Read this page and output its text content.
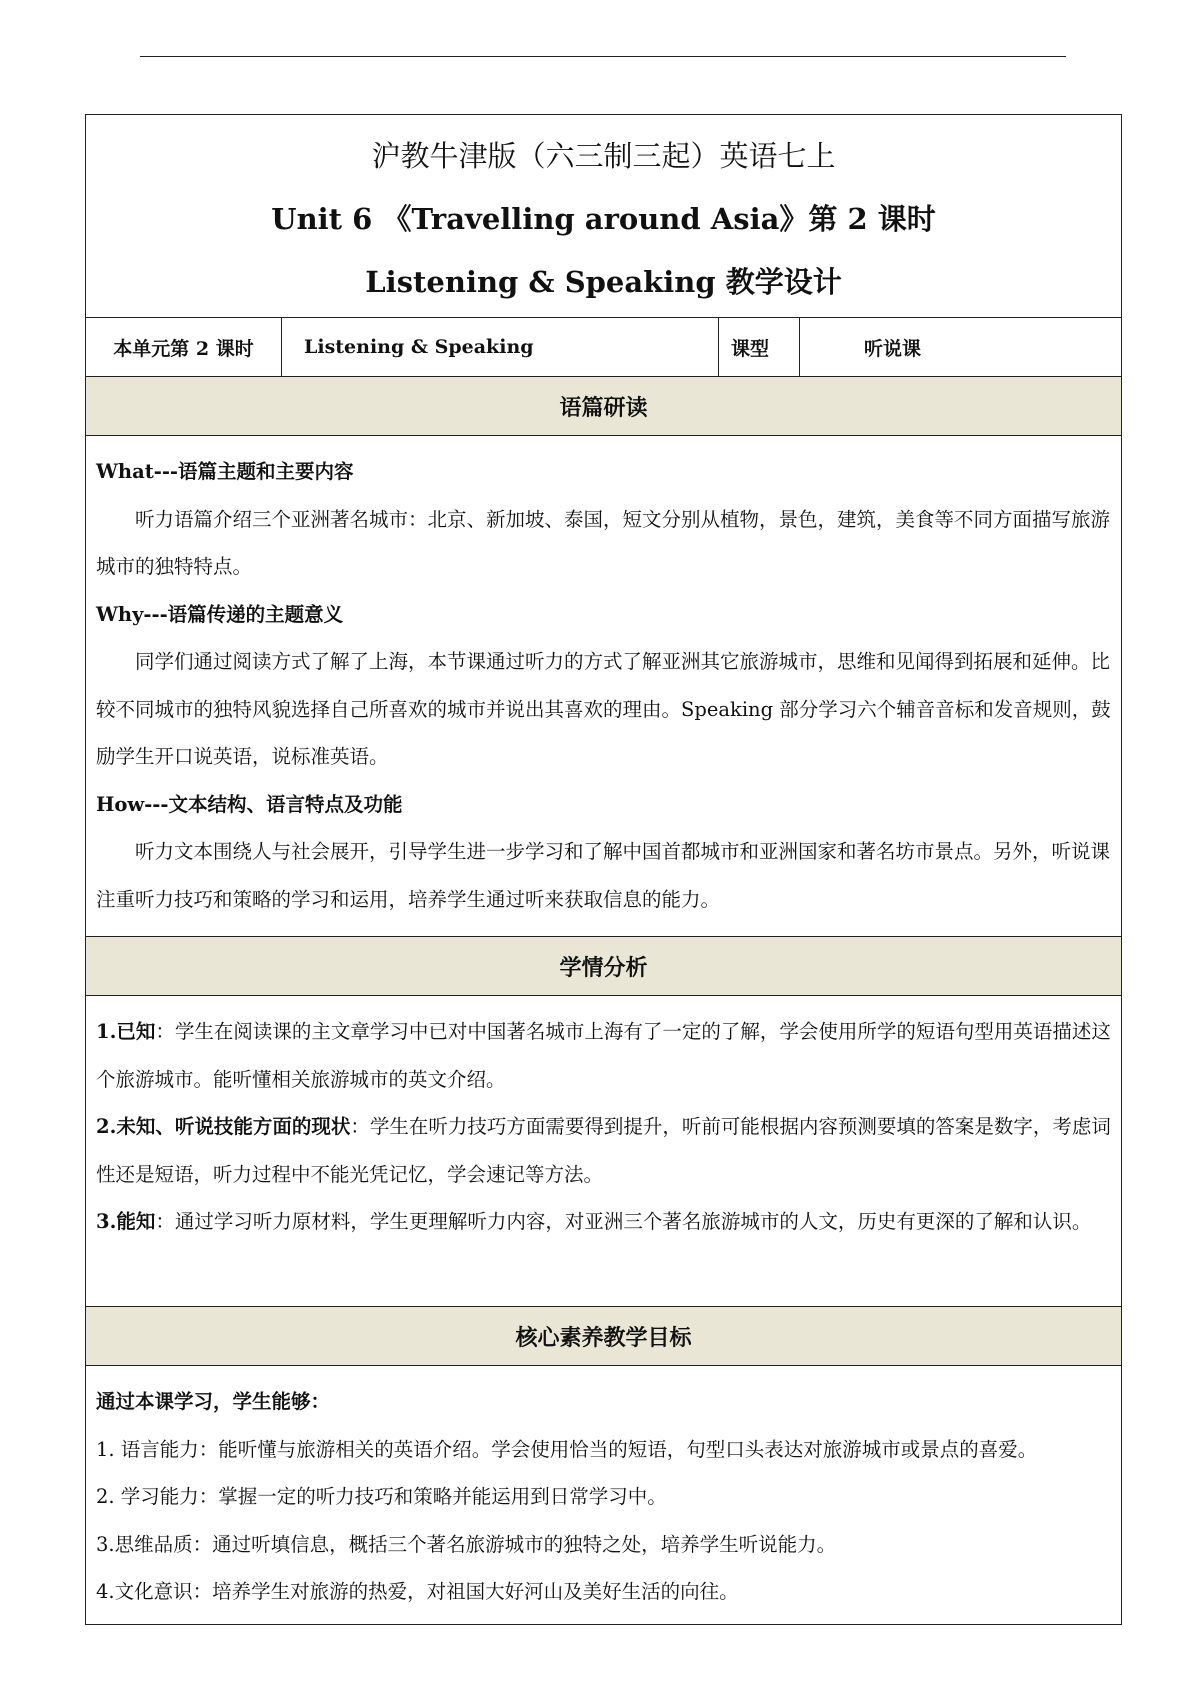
沪教牛津版（六三制三起）英语七上
Unit 6 《Travelling around Asia》第 2 课时
Listening & Speaking 教学设计

本单元第 2 课时	Listening & Speaking	课型	听说课
语篇研读

What---语篇主题和主要内容

听力语篇介绍三个亚洲著名城市：北京、新加坡、泰国，短文分别从植物，景色，建筑，美食等不同方面描写旅游城市的独特特点。

Why---语篇传递的主题意义

同学们通过阅读方式了解了上海，本节课通过听力的方式了解亚洲其它旅游城市，思维和见闻得到拓展和延伸。比较不同城市的独特风貌选择自己所喜欢的城市并说出其喜欢的理由。Speaking 部分学习六个辅音音标和发音规则，鼓励学生开口说英语，说标准英语。

How---文本结构、语言特点及功能

听力文本围绕人与社会展开，引导学生进一步学习和了解中国首都城市和亚洲国家和著名坊市景点。另外，听说课注重听力技巧和策略的学习和运用，培养学生通过听来获取信息的能力。

学情分析

1.已知：学生在阅读课的主文章学习中已对中国著名城市上海有了一定的了解，学会使用所学的短语句型用英语描述这个旅游城市。能听懂相关旅游城市的英文介绍。

2.未知、听说技能方面的现状：学生在听力技巧方面需要得到提升，听前可能根据内容预测要填的答案是数字，考虑词性还是短语，听力过程中不能光凭记忆，学会速记等方法。

3.能知：通过学习听力原材料，学生更理解听力内容，对亚洲三个著名旅游城市的人文，历史有更深的了解和认识。

核心素养教学目标

通过本课学习，学生能够：

1. 语言能力：能听懂与旅游相关的英语介绍。学会使用恰当的短语，句型口头表达对旅游城市或景点的喜爱。

2. 学习能力：掌握一定的听力技巧和策略并能运用到日常学习中。

3.思维品质：通过听填信息，概括三个著名旅游城市的独特之处，培养学生听说能力。

4.文化意识：培养学生对旅游的热爱，对祖国大好河山及美好生活的向往。
